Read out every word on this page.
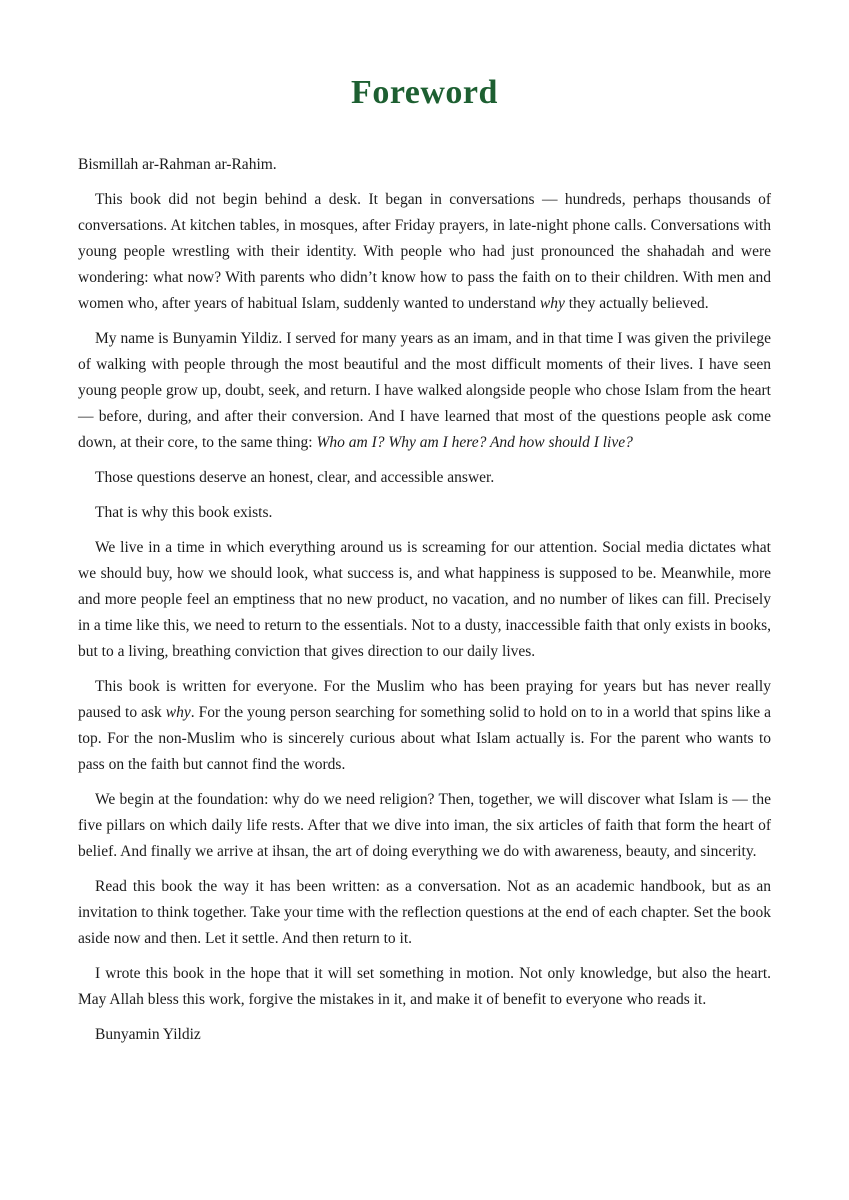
Foreword

Bismillah ar-Rahman ar-Rahim.

This book did not begin behind a desk. It began in conversations — hundreds, perhaps thousands of conversations. At kitchen tables, in mosques, after Friday prayers, in late-night phone calls. Conversations with young people wrestling with their identity. With people who had just pronounced the shahadah and were wondering: what now? With parents who didn’t know how to pass the faith on to their children. With men and women who, after years of habitual Islam, suddenly wanted to understand why they actually believed.

My name is Bunyamin Yildiz. I served for many years as an imam, and in that time I was given the privilege of walking with people through the most beautiful and the most difficult moments of their lives. I have seen young people grow up, doubt, seek, and return. I have walked alongside people who chose Islam from the heart — before, during, and after their conversion. And I have learned that most of the questions people ask come down, at their core, to the same thing: Who am I? Why am I here? And how should I live?

Those questions deserve an honest, clear, and accessible answer.

That is why this book exists.

We live in a time in which everything around us is screaming for our attention. Social media dictates what we should buy, how we should look, what success is, and what happiness is supposed to be. Meanwhile, more and more people feel an emptiness that no new product, no vacation, and no number of likes can fill. Precisely in a time like this, we need to return to the essentials. Not to a dusty, inaccessible faith that only exists in books, but to a living, breathing conviction that gives direction to our daily lives.

This book is written for everyone. For the Muslim who has been praying for years but has never really paused to ask why. For the young person searching for something solid to hold on to in a world that spins like a top. For the non-Muslim who is sincerely curious about what Islam actually is. For the parent who wants to pass on the faith but cannot find the words.

We begin at the foundation: why do we need religion? Then, together, we will discover what Islam is — the five pillars on which daily life rests. After that we dive into iman, the six articles of faith that form the heart of belief. And finally we arrive at ihsan, the art of doing everything we do with awareness, beauty, and sincerity.

Read this book the way it has been written: as a conversation. Not as an academic handbook, but as an invitation to think together. Take your time with the reflection questions at the end of each chapter. Set the book aside now and then. Let it settle. And then return to it.

I wrote this book in the hope that it will set something in motion. Not only knowledge, but also the heart. May Allah bless this work, forgive the mistakes in it, and make it of benefit to everyone who reads it.

Bunyamin Yildiz
